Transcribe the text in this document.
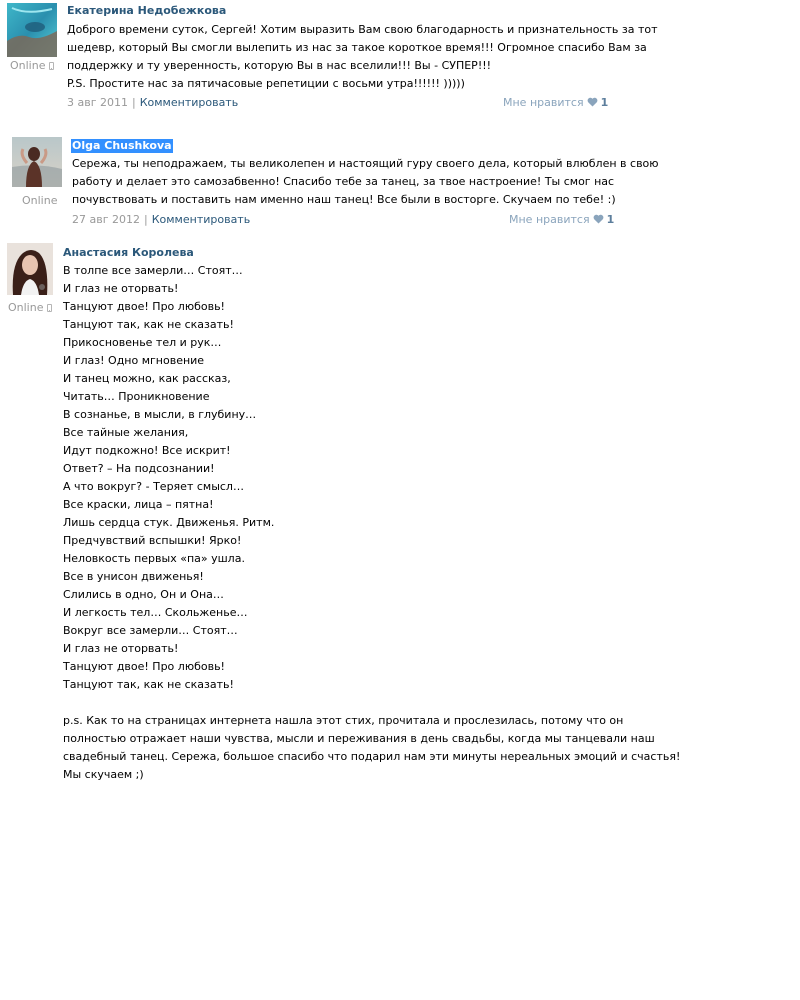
Online
Екатерина Недобежкова
Доброго времени суток, Сергей! Хотим выразить Вам свою благодарность и признательность за тот
шедевр, который Вы смогли вылепить из нас за такое короткое время!!! Огромное спасибо Вам за
поддержку и ту уверенность, которую Вы в нас вселили!!! Вы - СУПЕР!!!
P.S. Простите нас за пятичасовые репетиции с восьми утра!!!!!! )))))
3 авг 2011 | Комментировать	Мне нравится 1
Online
Olga Chushkova
Сережа, ты неподражаем, ты великолепен и настоящий гуру своего дела, который влюблен в свою
работу и делает это самозабвенно! Спасибо тебе за танец, за твое настроение! Ты смог нас
почувствовать и поставить нам именно наш танец! Все были в восторге. Скучаем по тебе! :)
27 авг 2012 | Комментировать	Мне нравится 1
Online
Анастасия Королева
В толпе все замерли… Стоят…
И глаз не оторвать!
Танцуют двое! Про любовь!
Танцуют так, как не сказать!
Прикосновенье тел и рук…
И глаз! Одно мгновение
И танец можно, как рассказ,
Читать… Проникновение
В сознанье, в мысли, в глубину…
Все тайные желания,
Идут подкожно! Все искрит!
Ответ? – На подсознании!
А что вокруг? - Теряет смысл…
Все краски, лица – пятна!
Лишь сердца стук. Движенья. Ритм.
Предчувствий вспышки! Ярко!
Неловкость первых «па» ушла.
Все в унисон движенья!
Слились в одно, Он и Она…
И легкость тел… Скольженье…
Вокруг все замерли… Стоят…
И глаз не оторвать!
Танцуют двое! Про любовь!
Танцуют так, как не сказать!
p.s. Как то на страницах интернета нашла этот стих, прочитала и прослезилась, потому что он
полностью отражает наши чувства, мысли и переживания в день свадьбы, когда мы танцевали наш
свадебный танец. Сережа, большое спасибо что подарил нам эти минуты нереальных эмоций и счастья!
Мы скучаем ;)
